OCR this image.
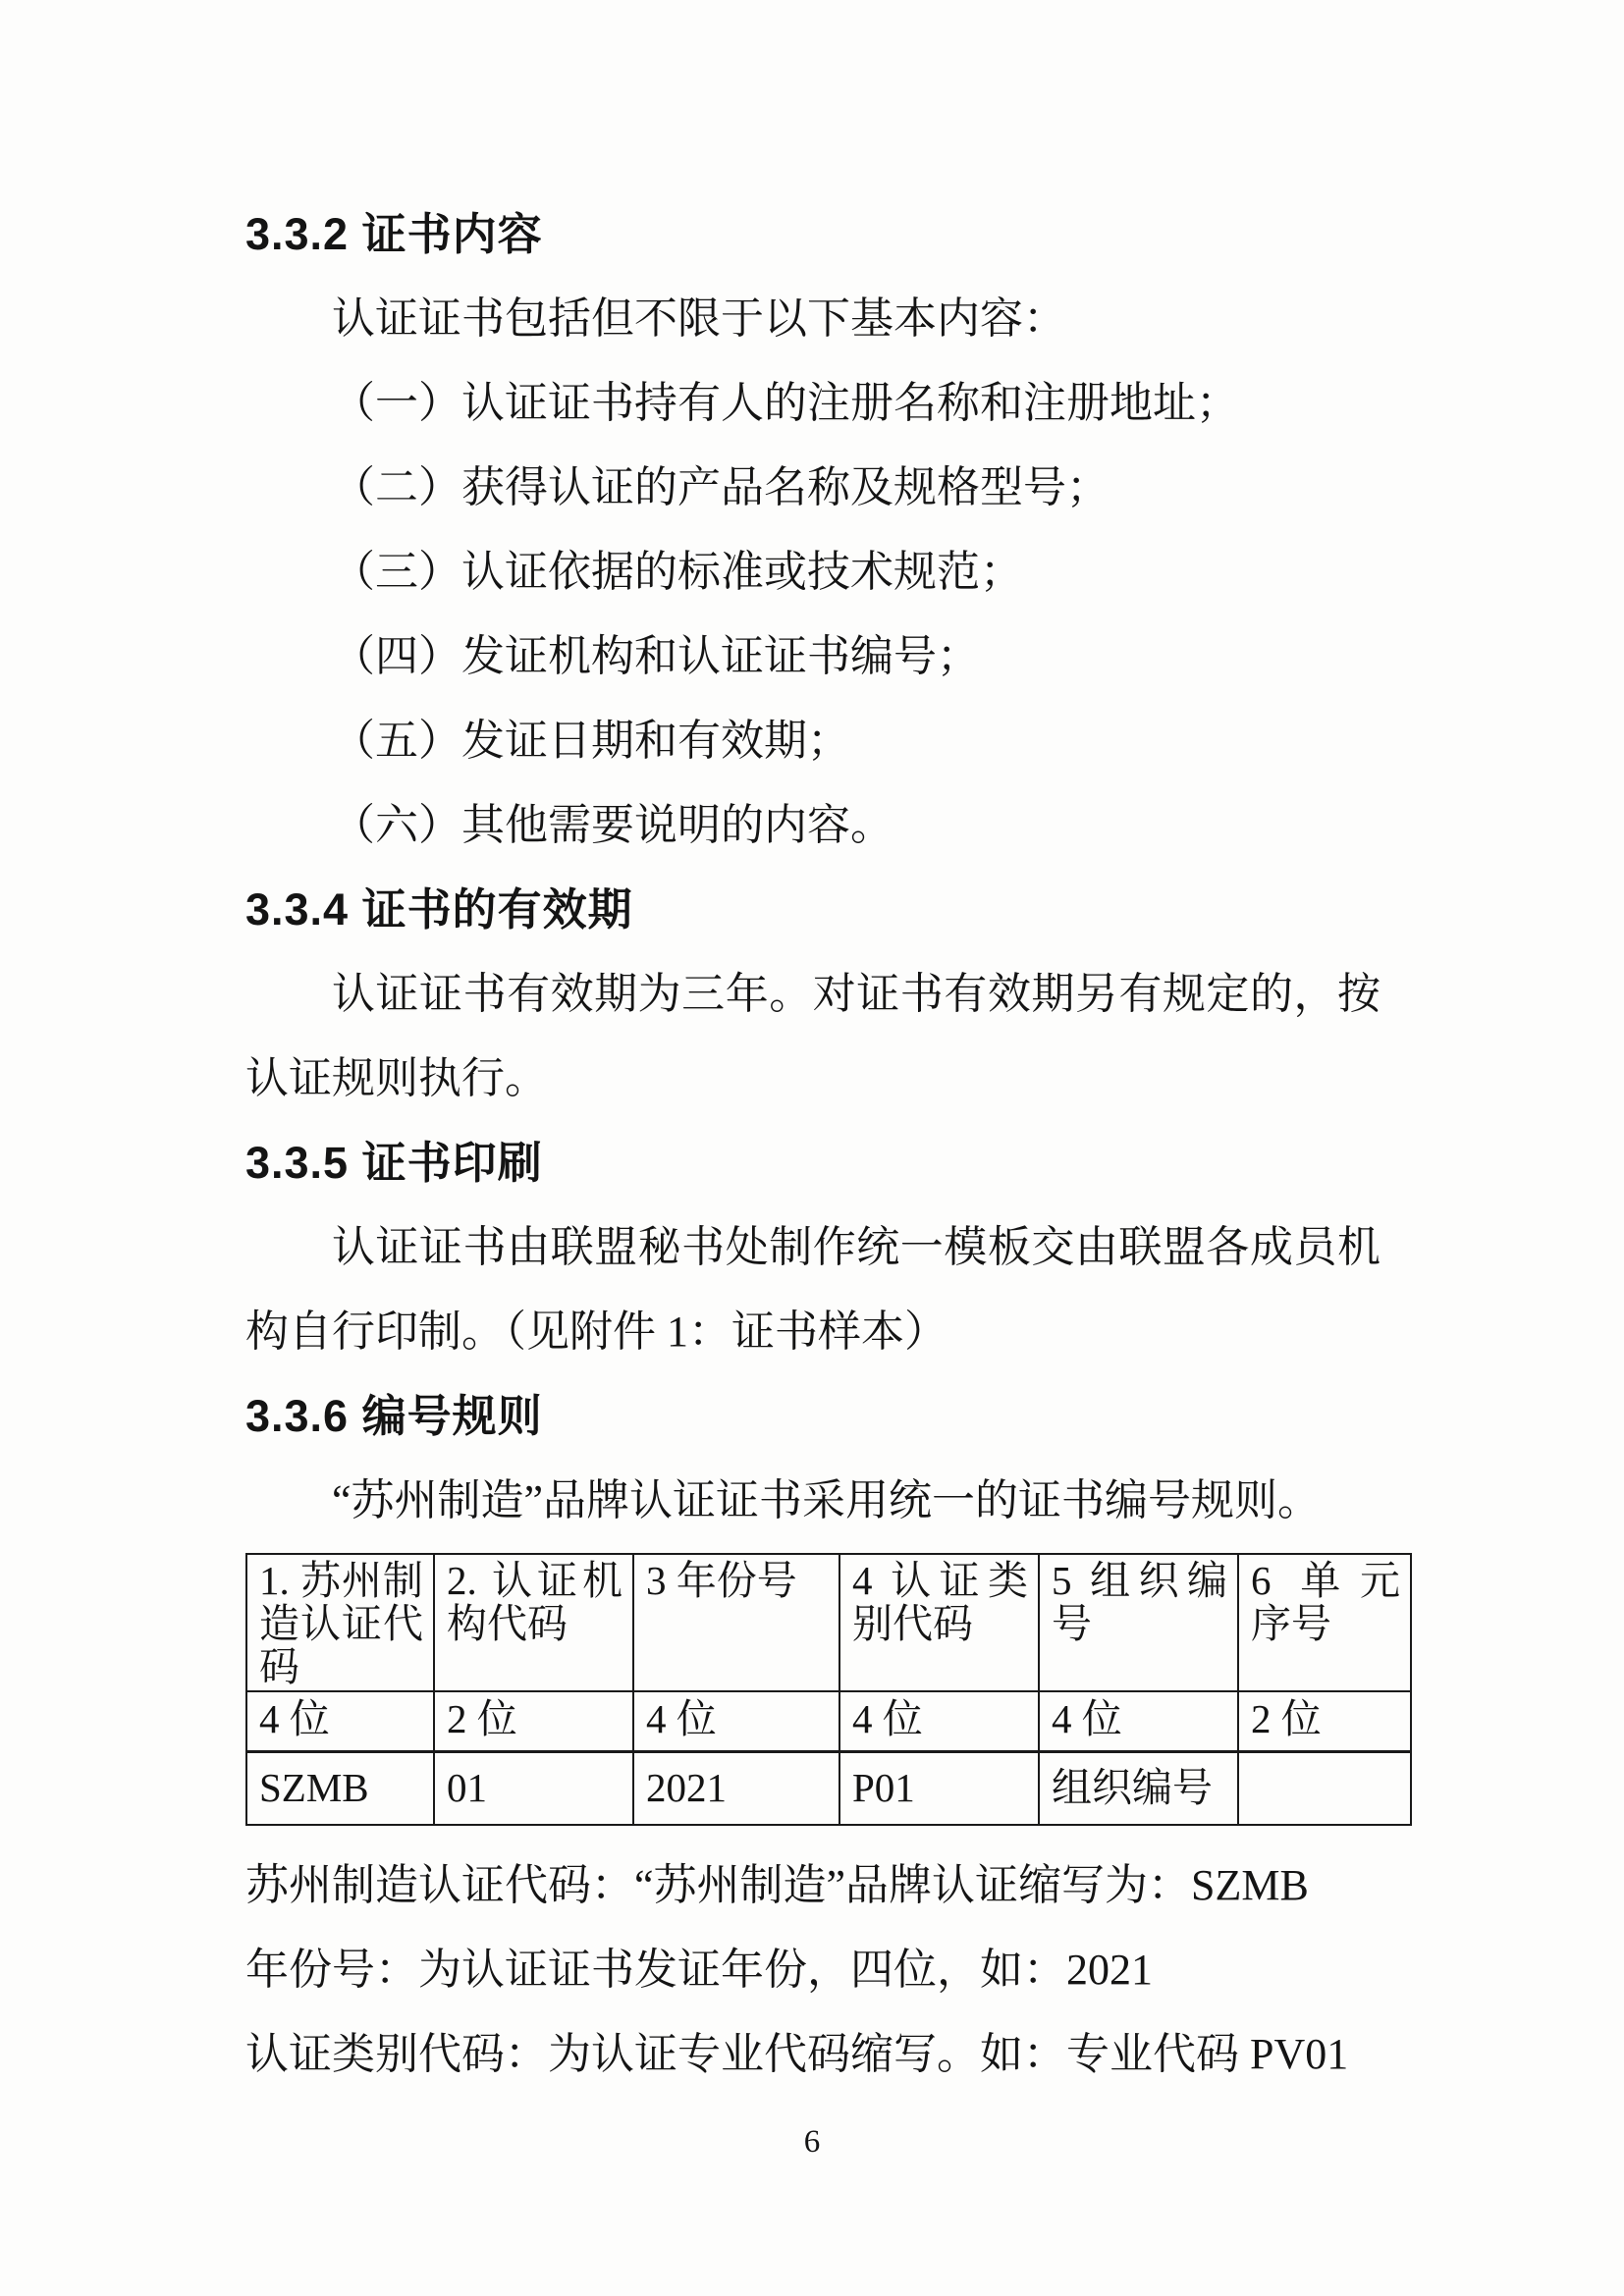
3.3.2 证书内容

认证证书包括但不限于以下基本内容：

（一）认证证书持有人的注册名称和注册地址；

（二）获得认证的产品名称及规格型号；

（三）认证依据的标准或技术规范；

（四）发证机构和认证证书编号；

（五）发证日期和有效期；

（六）其他需要说明的内容。

3.3.4 证书的有效期

认证证书有效期为三年。对证书有效期另有规定的，按认证规则执行。

3.3.5 证书印刷

认证证书由联盟秘书处制作统一模板交由联盟各成员机构自行印制。（见附件 1：证书样本）

3.3.6 编号规则

“苏州制造”品牌认证证书采用统一的证书编号规则。

1. 苏州制造认证代码	2. 认证机构代码	3 年份号	4 认证类别代码	5 组织编号	6 单元序号
4 位	2 位	4 位	4 位	4 位	2 位
SZMB	01	2021	P01	组织编号	

苏州制造认证代码：“苏州制造”品牌认证缩写为：SZMB

年份号：为认证证书发证年份，四位，如：2021

认证类别代码：为认证专业代码缩写。如：专业代码 PV01

6
